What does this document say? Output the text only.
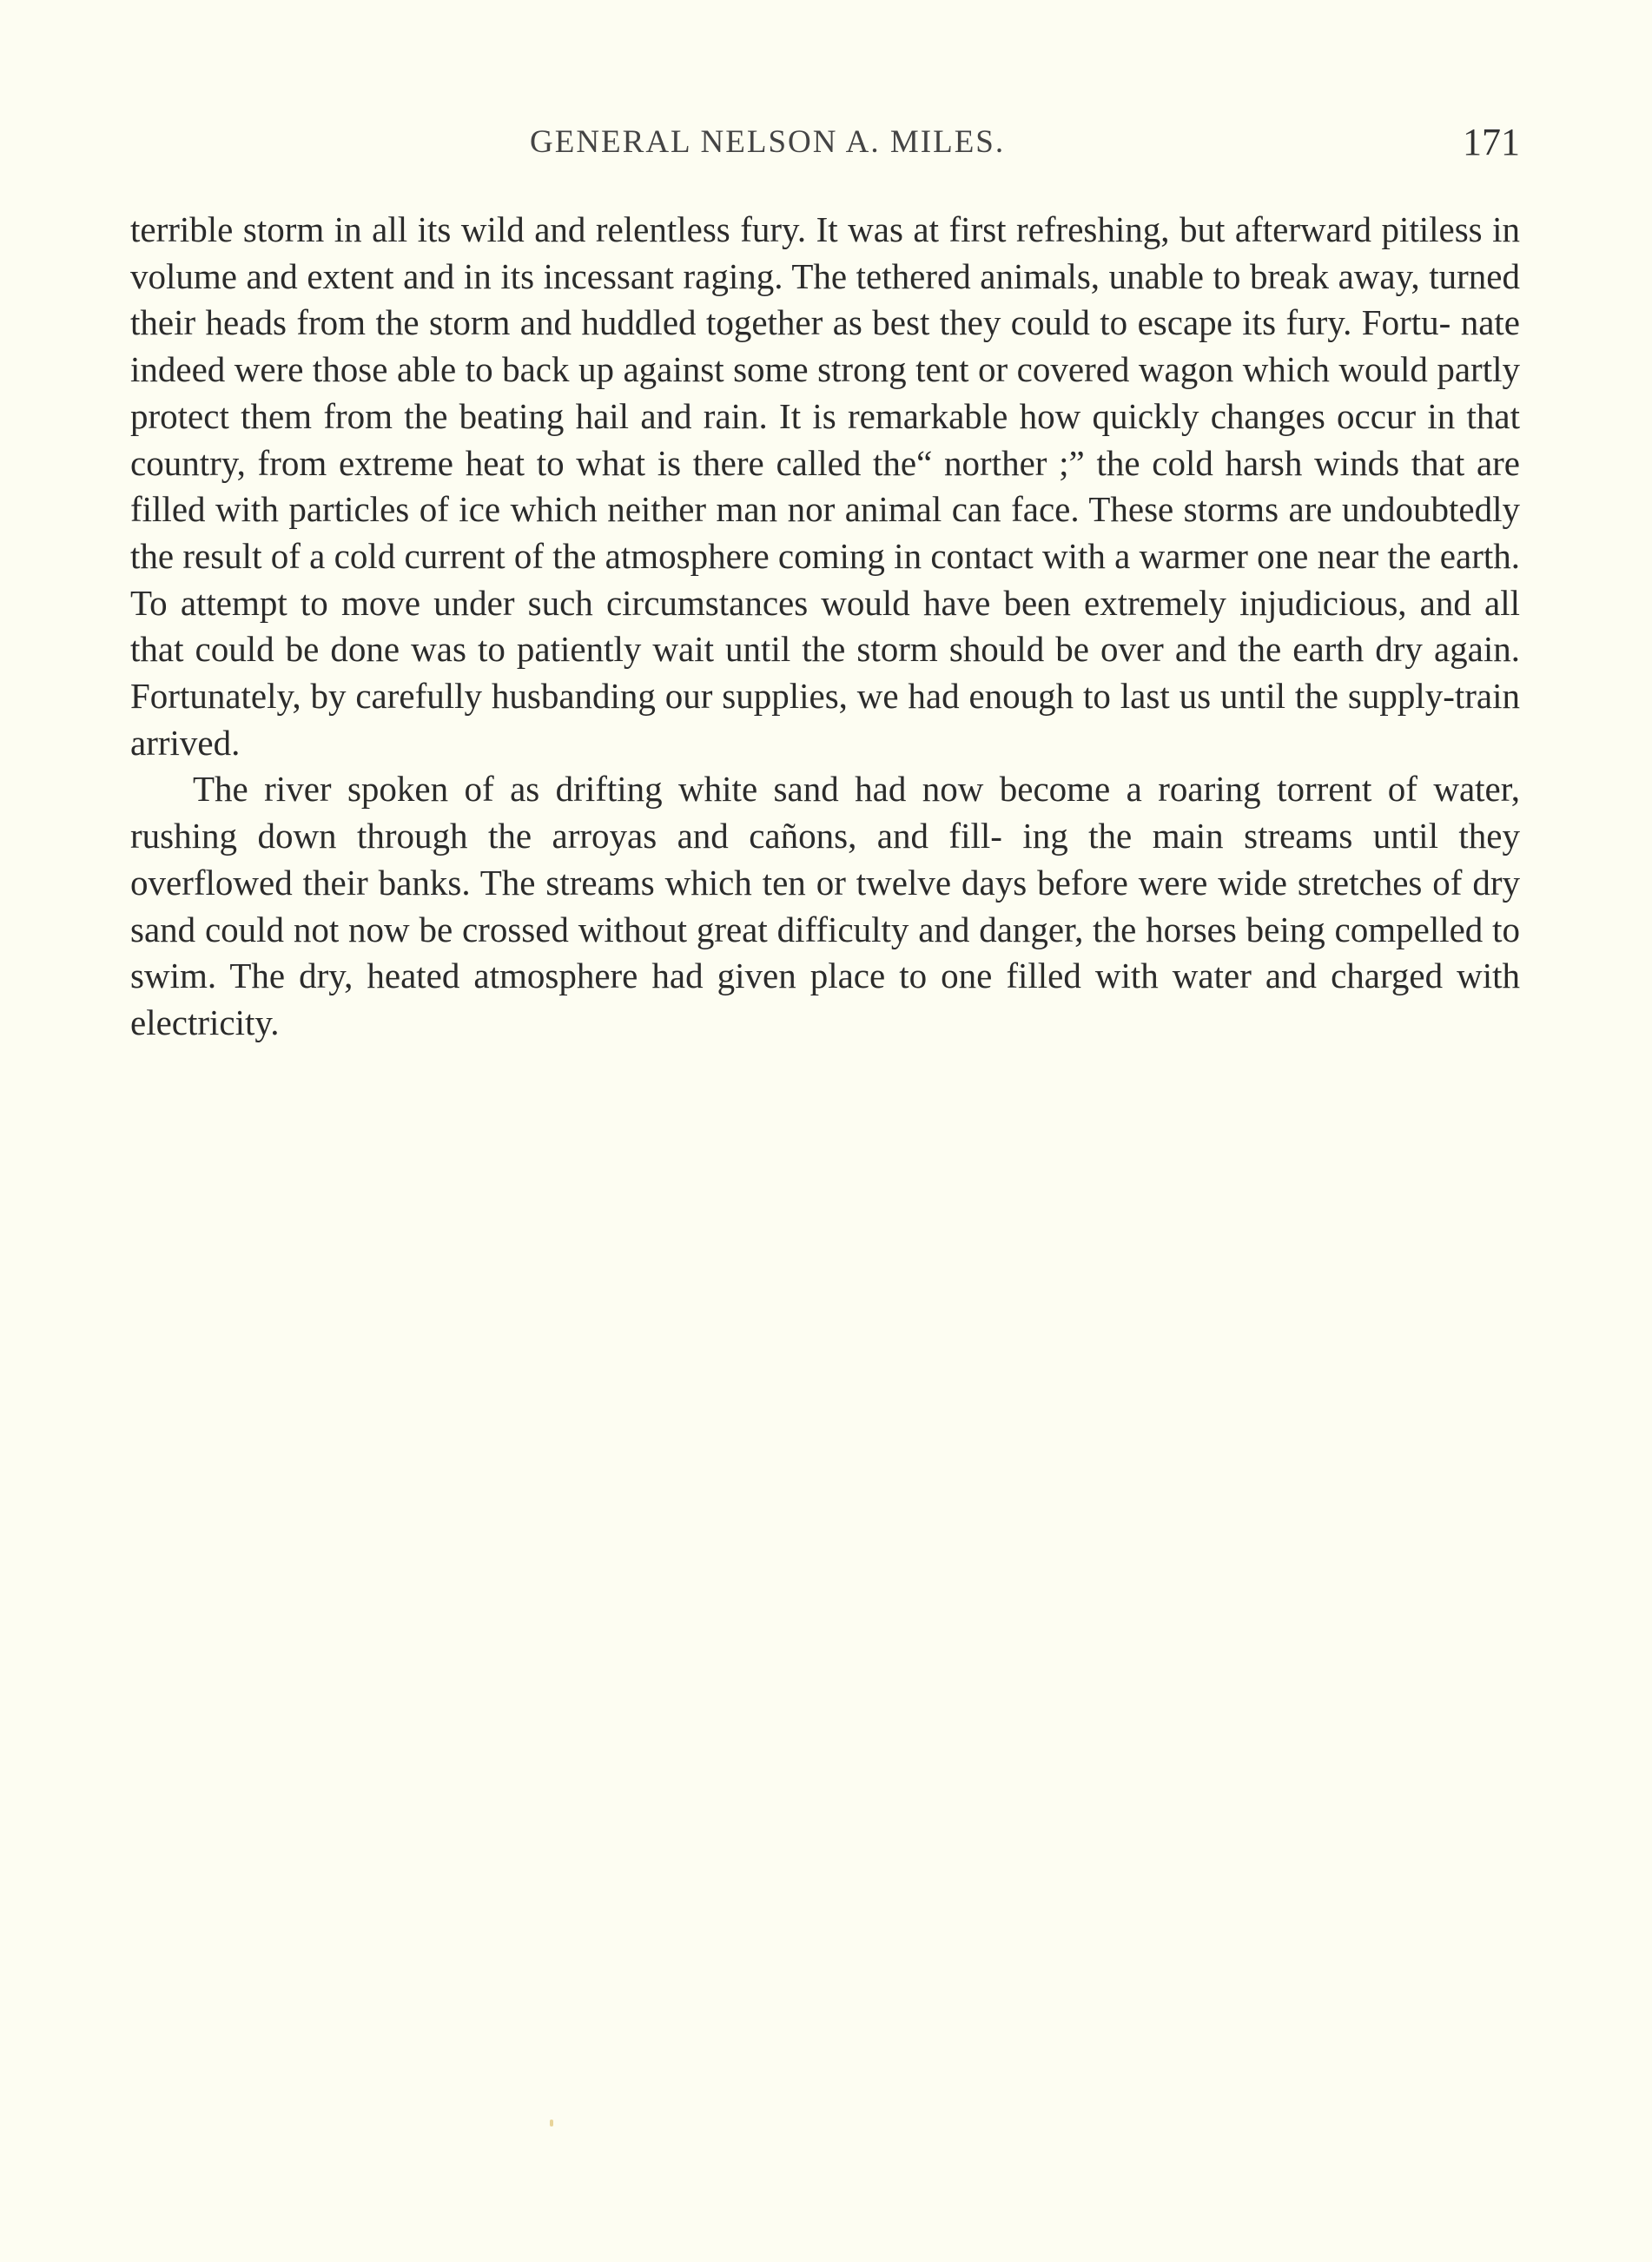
GENERAL NELSON A. MILES.	171

terrible storm in all its wild and relentless fury. It was at first refreshing, but afterward pitiless in volume and extent and in its incessant raging. The tethered animals, unable to break away, turned their heads from the storm and huddled together as best they could to escape its fury. Fortu- nate indeed were those able to back up against some strong tent or covered wagon which would partly protect them from the beating hail and rain. It is remarkable how quickly changes occur in that country, from extreme heat to what is there called the“ norther ;” the cold harsh winds that are filled with particles of ice which neither man nor animal can face. These storms are undoubtedly the result of a cold current of the atmosphere coming in contact with a warmer one near the earth. To attempt to move under such circumstances would have been extremely injudicious, and all that could be done was to patiently wait until the storm should be over and the earth dry again. Fortunately, by carefully husbanding our supplies, we had enough to last us until the supply-train arrived.

The river spoken of as drifting white sand had now become a roaring torrent of water, rushing down through the arroyas and cañons, and fill- ing the main streams until they overflowed their banks. The streams which ten or twelve days before were wide stretches of dry sand could not now be crossed without great difficulty and danger, the horses being compelled to swim. The dry, heated atmosphere had given place to one filled with water and charged with electricity.
